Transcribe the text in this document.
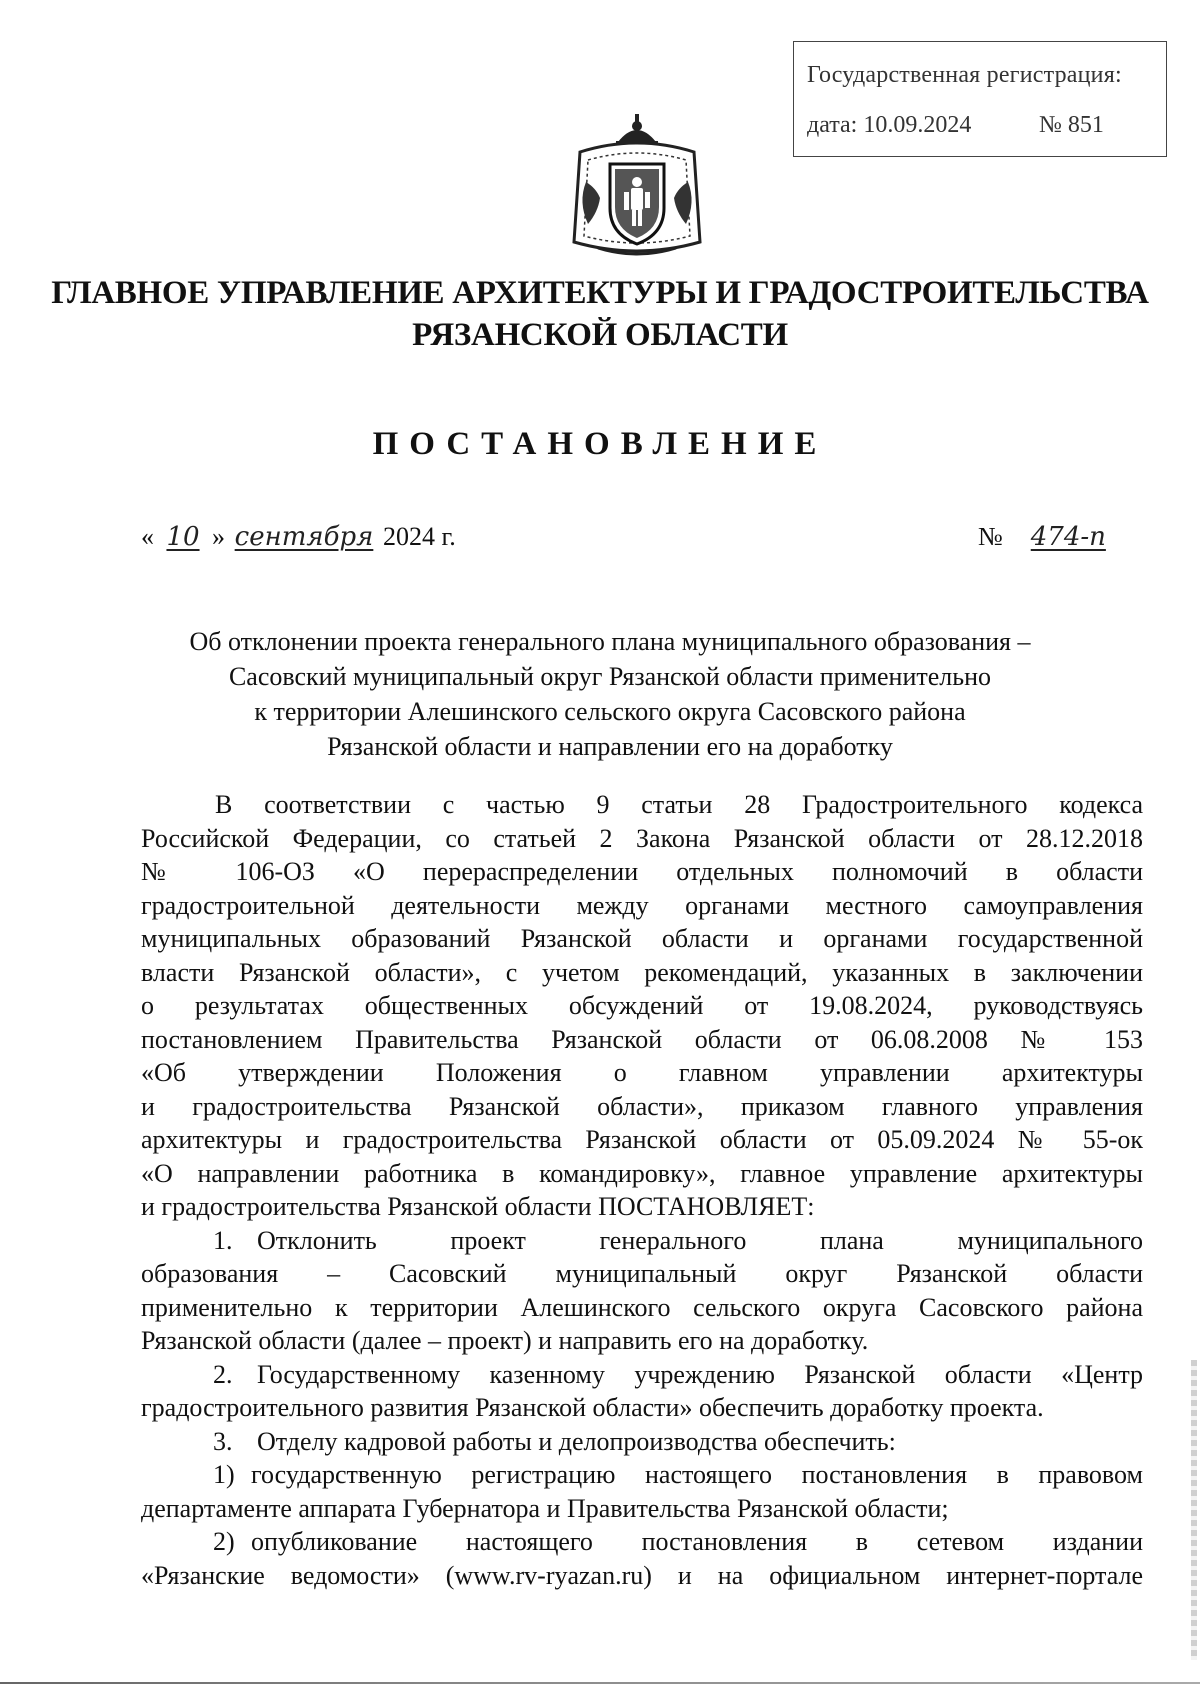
Государственная регистрация:
дата: 10.09.2024	№ 851
ГЛАВНОЕ УПРАВЛЕНИЕ АРХИТЕКТУРЫ И ГРАДОСТРОИТЕЛЬСТВА
РЯЗАНСКОЙ ОБЛАСТИ
ПОСТАНОВЛЕНИЕ
« 10 » сентября 2024 г.	№ 474-п
Об отклонении проекта генерального плана муниципального образования –
Сасовский муниципальный округ Рязанской области применительно
к территории Алешинского сельского округа Сасовского района
Рязанской области и направлении его на доработку
В соответствии с частью 9 статьи 28 Градостроительного кодекса
Российской Федерации, со статьей 2 Закона Рязанской области от 28.12.2018
№ 106-ОЗ «О перераспределении отдельных полномочий в области
градостроительной деятельности между органами местного самоуправления
муниципальных образований Рязанской области и органами государственной
власти Рязанской области», с учетом рекомендаций, указанных в заключении
о результатах общественных обсуждений от 19.08.2024, руководствуясь
постановлением Правительства Рязанской области от 06.08.2008 № 153
«Об утверждении Положения о главном управлении архитектуры
и градостроительства Рязанской области», приказом главного управления
архитектуры и градостроительства Рязанской области от 05.09.2024 № 55-ок
«О направлении работника в командировку», главное управление архитектуры
и градостроительства Рязанской области ПОСТАНОВЛЯЕТ:
1. Отклонить проект генерального плана муниципального
образования – Сасовский муниципальный округ Рязанской области
применительно к территории Алешинского сельского округа Сасовского района
Рязанской области (далее – проект) и направить его на доработку.
2. Государственному казенному учреждению Рязанской области «Центр
градостроительного развития Рязанской области» обеспечить доработку проекта.
3. Отделу кадровой работы и делопроизводства обеспечить:
1) государственную регистрацию настоящего постановления в правовом
департаменте аппарата Губернатора и Правительства Рязанской области;
2) опубликование настоящего постановления в сетевом издании
«Рязанские ведомости» (www.rv-ryazan.ru) и на официальном интернет-портале
